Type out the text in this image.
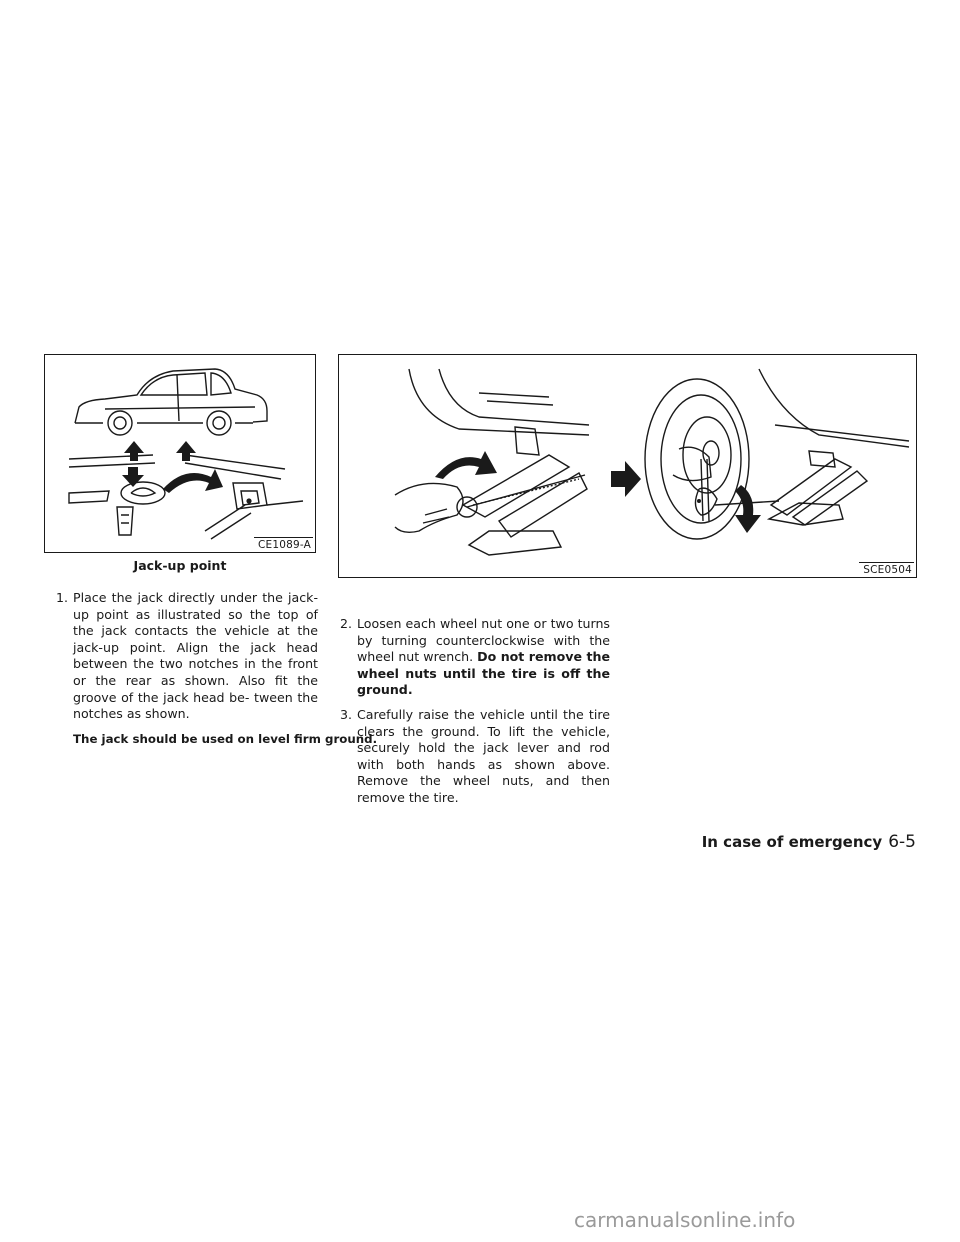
CE1089-A
Jack-up point	SCE0504

1. Place the jack directly under the jack-up point as illustrated so the top of the jack contacts the vehicle at the jack-up point. Align the jack head between the two notches in the front or the rear as shown. Also fit the groove of the jack head be- tween the notches as shown.

The jack should be used on level firm ground.

2. Loosen each wheel nut one or two turns by turning counterclockwise with the wheel nut wrench. Do not remove the wheel nuts until the tire is off the ground.

3. Carefully raise the vehicle until the tire clears the ground. To lift the vehicle, securely hold the jack lever and rod with both hands as shown above. Remove the wheel nuts, and then remove the tire.

In case of emergency 6-5
carmanualsonline.info
